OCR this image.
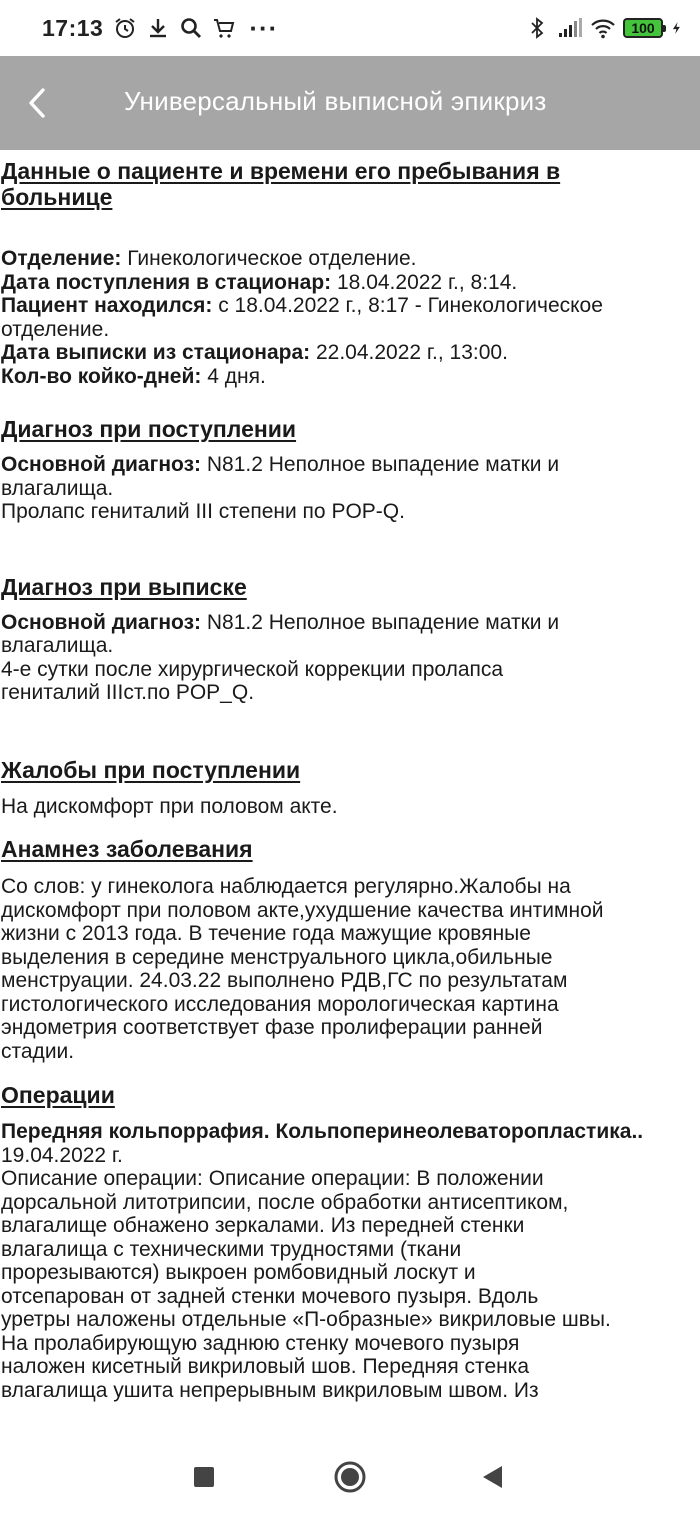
17:13	···	100
Универсальный выписной эпикриз
Данные о пациенте и времени его пребывания в
больнице
Отделение: Гинекологическое отделение.
Дата поступления в стационар: 18.04.2022 г., 8:14.
Пациент находился: с 18.04.2022 г., 8:17 - Гинекологическое
отделение.
Дата выписки из стационара: 22.04.2022 г., 13:00.
Кол-во койко-дней: 4 дня.
Диагноз при поступлении
Основной диагноз: N81.2 Неполное выпадение матки и
влагалища.
Пролапс гениталий III степени по POP-Q.
Диагноз при выписке
Основной диагноз: N81.2 Неполное выпадение матки и
влагалища.
4-е сутки после хирургической коррекции пролапса
гениталий IIIст.по POP_Q.
Жалобы при поступлении
На дискомфорт при половом акте.
Анамнез заболевания
Со слов: у гинеколога наблюдается регулярно.Жалобы на
дискомфорт при половом акте,ухудшение качества интимной
жизни с 2013 года. В течение года мажущие кровяные
выделения в середине менструального цикла,обильные
менструации. 24.03.22 выполнено РДВ,ГС по результатам
гистологического исследования морологическая картина
эндометрия соответствует фазе пролиферации ранней
стадии.
Операции
Передняя кольпоррафия. Кольпоперинеолеваторопластика..
19.04.2022 г.
Описание операции: Описание операции: В положении
дорсальной литотрипсии, после обработки антисептиком,
влагалище обнажено зеркалами. Из передней стенки
влагалища с техническими трудностями (ткани
прорезываются) выкроен ромбовидный лоскут и
отсепарован от задней стенки мочевого пузыря. Вдоль
уретры наложены отдельные «П-образные» викриловые швы.
На пролабирующую заднюю стенку мочевого пузыря
наложен кисетный викриловый шов. Передняя стенка
влагалища ушита непрерывным викриловым швом. Из
